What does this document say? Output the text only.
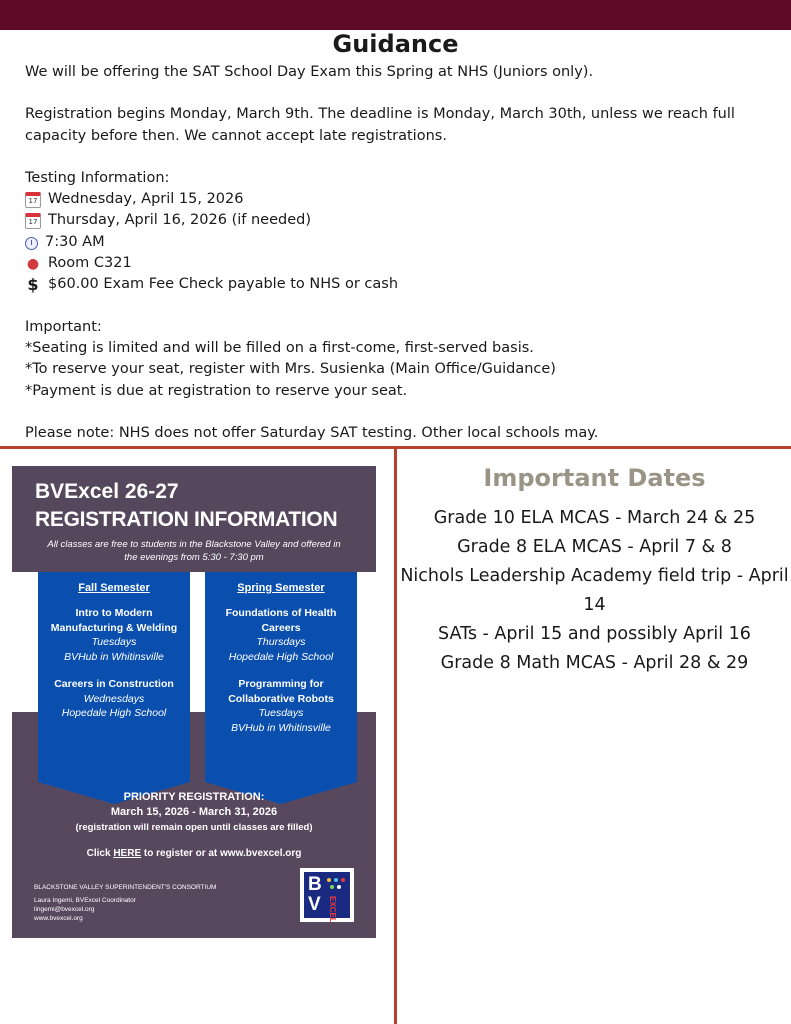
Guidance

We will be offering the SAT School Day Exam this Spring at NHS (Juniors only).

Registration begins Monday, March 9th. The deadline is Monday, March 30th, unless we reach full capacity before then. We cannot accept late registrations.

Testing Information:

17 Wednesday, April 15, 2026
17 Thursday, April 16, 2026 (if needed)
7:30 AM
● Room C321
$ $60.00 Exam Fee Check payable to NHS or cash

Important:

*Seating is limited and will be filled on a first-come, first-served basis.

*To reserve your seat, register with Mrs. Susienka (Main Office/Guidance)

*Payment is due at registration to reserve your seat.

Please note: NHS does not offer Saturday SAT testing. Other local schools may.

BVExcel 26-27
REGISTRATION INFORMATION
All classes are free to students in the Blackstone Valley and offered in the evenings from 5:30 - 7:30 pm
Fall Semester
Intro to Modern Manufacturing & Welding
Tuesdays
BVHub in Whitinsville
Careers in Construction
Wednesdays
Hopedale High School
Spring Semester
Foundations of Health Careers
Thursdays
Hopedale High School
Programming for Collaborative Robots
Tuesdays
BVHub in Whitinsville
PRIORITY REGISTRATION:
March 15, 2026 - March 31, 2026
(registration will remain open until classes are filled)
Click HERE to register or at www.bvexcel.org
BLACKSTONE VALLEY SUPERINTENDENT'S CONSORTIUM
Laura Ingemi, BVExcel Coordinator
lingemi@bvexcel.org
www.bvexcel.org
B
V EXCEL
Important Dates
Grade 10 ELA MCAS - March 24 & 25
Grade 8 ELA MCAS - April 7 & 8
Nichols Leadership Academy field trip - April 14
SATs - April 15 and possibly April 16
Grade 8 Math MCAS - April 28 & 29
